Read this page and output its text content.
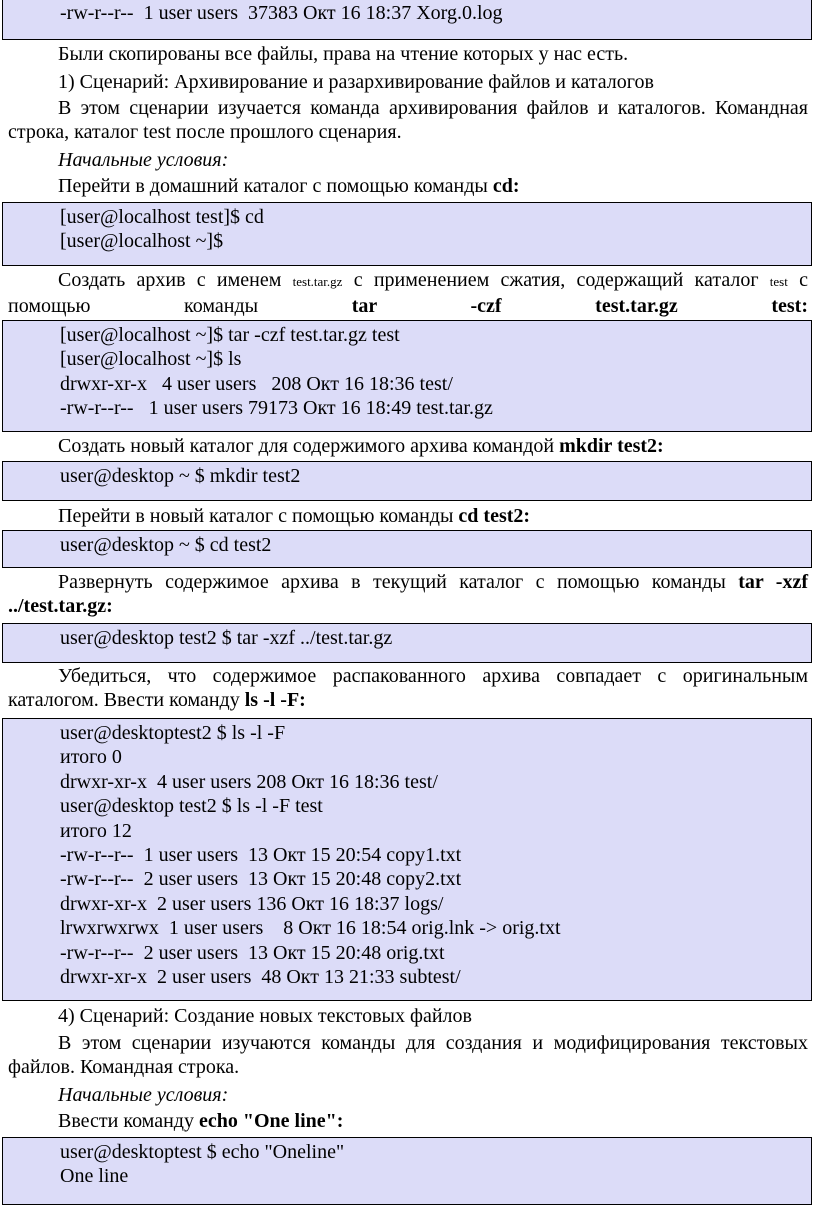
-rw-r--r--  1 user users  37383 Окт 16 18:37 Xorg.0.log

Были скопированы все файлы, права на чтение которых у нас есть.

1) Сценарий: Архивирование и разархивирование файлов и каталогов

В этом сценарии изучается команда архивирования файлов и каталогов. Командная строка, каталог test после прошлого сценария.

Начальные условия:

Перейти в домашний каталог с помощью команды cd:

[user@localhost test]$ cd
[user@localhost ~]$

Создать архив с именем test.tar.gz с применением сжатия, содержащий каталог test с помощью команды tar -czf test.tar.gz test:

[user@localhost ~]$ tar -czf test.tar.gz test
[user@localhost ~]$ ls
drwxr-xr-x   4 user users   208 Окт 16 18:36 test/
-rw-r--r--   1 user users 79173 Окт 16 18:49 test.tar.gz

Создать новый каталог для содержимого архива командой mkdir test2:

user@desktop ~ $ mkdir test2

Перейти в новый каталог с помощью команды cd test2:

user@desktop ~ $ cd test2

Развернуть содержимое архива в текущий каталог с помощью команды tar -xzf ../test.tar.gz:

user@desktop test2 $ tar -xzf ../test.tar.gz

Убедиться, что содержимое распакованного архива совпадает с оригинальным каталогом. Ввести команду ls -l -F:

user@desktoptest2 $ ls -l -F
итого 0
drwxr-xr-x  4 user users 208 Окт 16 18:36 test/
user@desktop test2 $ ls -l -F test
итого 12
-rw-r--r--  1 user users  13 Окт 15 20:54 copy1.txt
-rw-r--r--  2 user users  13 Окт 15 20:48 copy2.txt
drwxr-xr-x  2 user users 136 Окт 16 18:37 logs/
lrwxrwxrwx  1 user users    8 Окт 16 18:54 orig.lnk -> orig.txt
-rw-r--r--  2 user users  13 Окт 15 20:48 orig.txt
drwxr-xr-x  2 user users  48 Окт 13 21:33 subtest/

4) Сценарий: Создание новых текстовых файлов

В этом сценарии изучаются команды для создания и модифицирования текстовых файлов. Командная строка.

Начальные условия:

Ввести команду echo "One line":

user@desktoptest $ echo "Oneline"
One line
